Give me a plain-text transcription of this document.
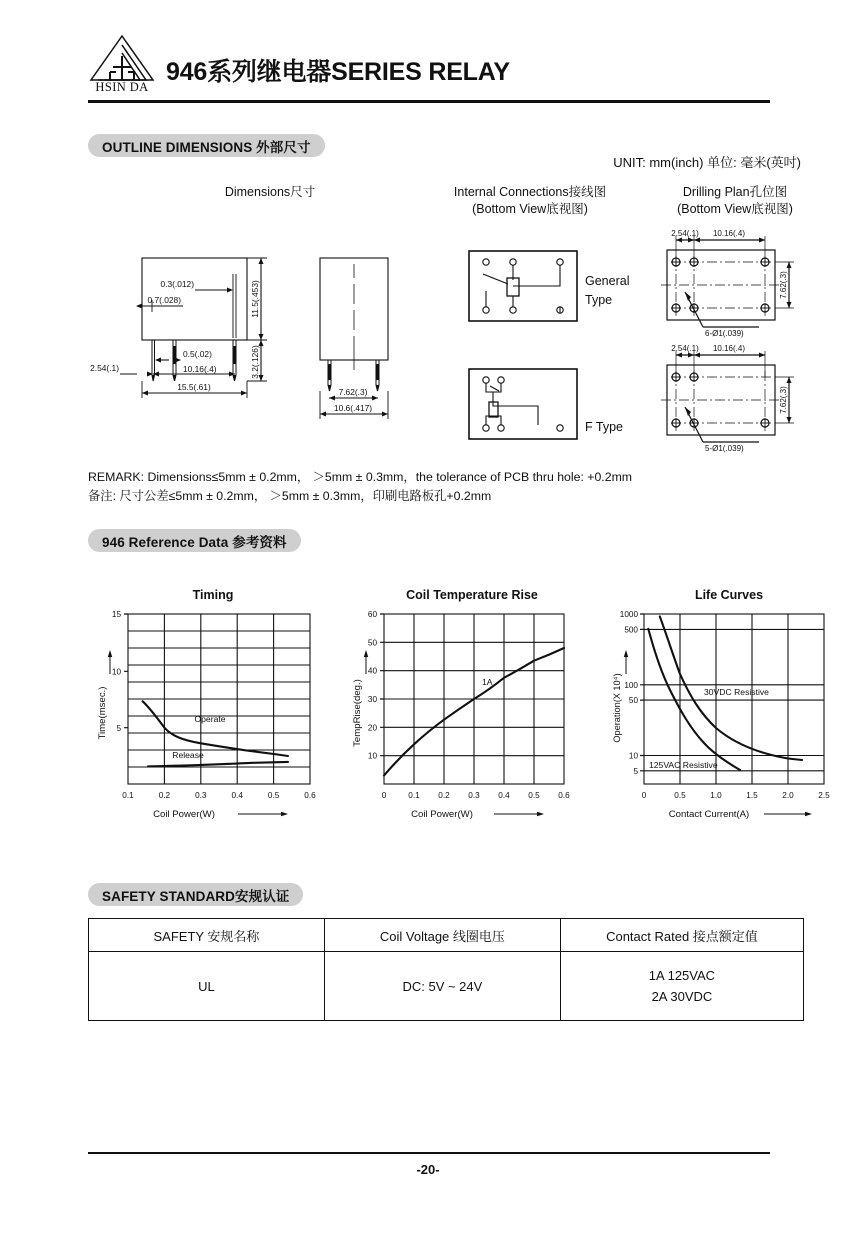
HSIN DA
946系列继电器SERIES RELAY
OUTLINE DIMENSIONS 外部尺寸
UNIT: mm(inch) 单位: 毫米(英吋)
Dimensions尺寸	Internal Connections接线图
(Bottom View底视图)
Drilling Plan孔位图
(Bottom View底视图)
0.3(.012)
0.7(.028)
0.5(.02)
10.16(.4)
15.5(.61)
2.54(.1)
11.5(.453)
3.2(.126)
7.62(.3)
10.6(.417)
General
Type
F Type
2.54(.1) 10.16(.4)
7.62(.3)
6-Ø1(.039)
2.54(.1) 10.16(.4)
7.62(.3)
5-Ø1(.039)
REMARK: Dimensions≤5mm ± 0.2mm， ＞5mm ± 0.3mm，the tolerance of PCB thru hole: +0.2mm
备注: 尺寸公差≤5mm ± 0.2mm， ＞5mm ± 0.3mm，印刷电路板孔+0.2mm
946 Reference Data 参考资料
Timing
15
10
5
0.1	0.2	0.3	0.4	0.5	0.6
Operate
Release
Time(msec.)
Coil Power(W)
Coil Temperature Rise
60
50
40
30
20
10
0	0.1 0.2 0.3 0.4 0.5 0.6
1A
TempRise(deg.)
Coil Power(W)
Life Curves
1000
500
100
50
10
5
0	0.5	1.0	1.5	2.0	2.5
30VDC Resistive
125VAC Resistive
Operation(X 10⁴)
Contact Current(A)
SAFETY STANDARD安规认证
SAFETY 安规名称	Coil Voltage 线圈电压	Contact Rated 接点额定值
UL	DC: 5V ~ 24V	1A 125VAC
2A 30VDC
-20-
